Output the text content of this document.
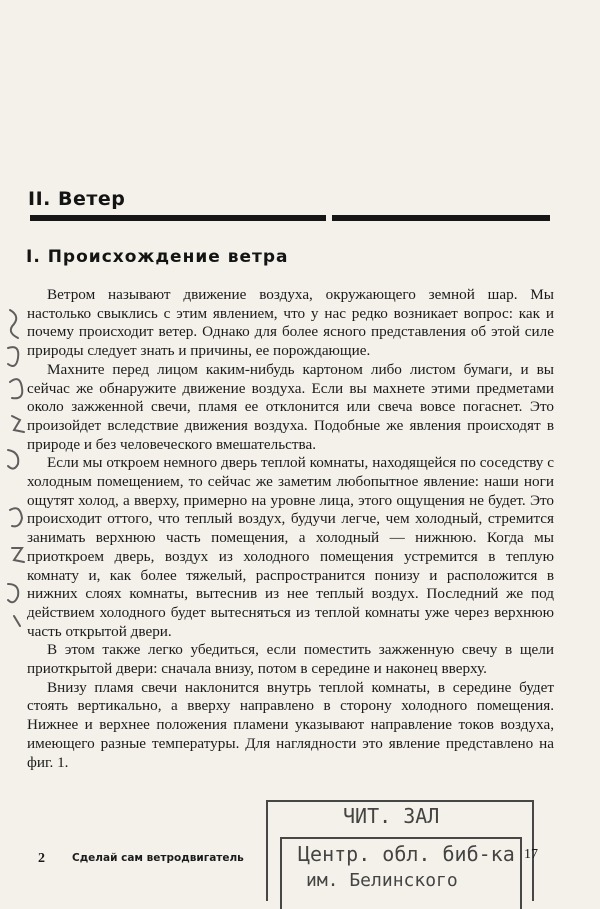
II. Ветер
I. Происхождение ветра

Ветром называют движение воздуха, окружающего земной шар. Мы настолько свыклись с этим явлением, что у нас редко возникает вопрос: как и почему происходит ветер. Однако для более ясного представления об этой силе природы следует знать и причины, ее порождающие.

Махните перед лицом каким-нибудь картоном либо листом бумаги, и вы сейчас же обнаружите движение воздуха. Если вы махнете этими предметами около зажженной свечи, пламя ее отклонится или свеча вовсе погаснет. Это произойдет вследствие движения воздуха. Подобные же явления происходят в природе и без человеческого вмешательства.

Если мы откроем немного дверь теплой комнаты, находящейся по соседству с холодным помещением, то сейчас же заметим любопытное явление: наши ноги ощутят холод, а вверху, примерно на уровне лица, этого ощущения не будет. Это происходит оттого, что теплый воздух, будучи легче, чем холодный, стремится занимать верхнюю часть помещения, а холодный — нижнюю. Когда мы приоткроем дверь, воздух из холодного помещения устремится в теплую комнату и, как более тяжелый, распространится понизу и расположится в нижних слоях комнаты, вытеснив из нее теплый воздух. Последний же под действием холодного будет вытесняться из теплой комнаты уже через верхнюю часть открытой двери.

В этом также легко убедиться, если поместить зажженную свечу в щели приоткрытой двери: сначала внизу, потом в середине и наконец вверху.

Внизу пламя свечи наклонится внутрь теплой комнаты, в середине будет стоять вертикально, а вверху направлено в сторону холодного помещения. Нижнее и верхнее положения пламени указывают направление токов воздуха, имеющего разные температуры. Для наглядности это явление представлено на фиг. 1.

ЧИТ. ЗАЛ
Центр. обл. биб-ка
им. Белинского
2	Сделай сам ветродвигатель	17
